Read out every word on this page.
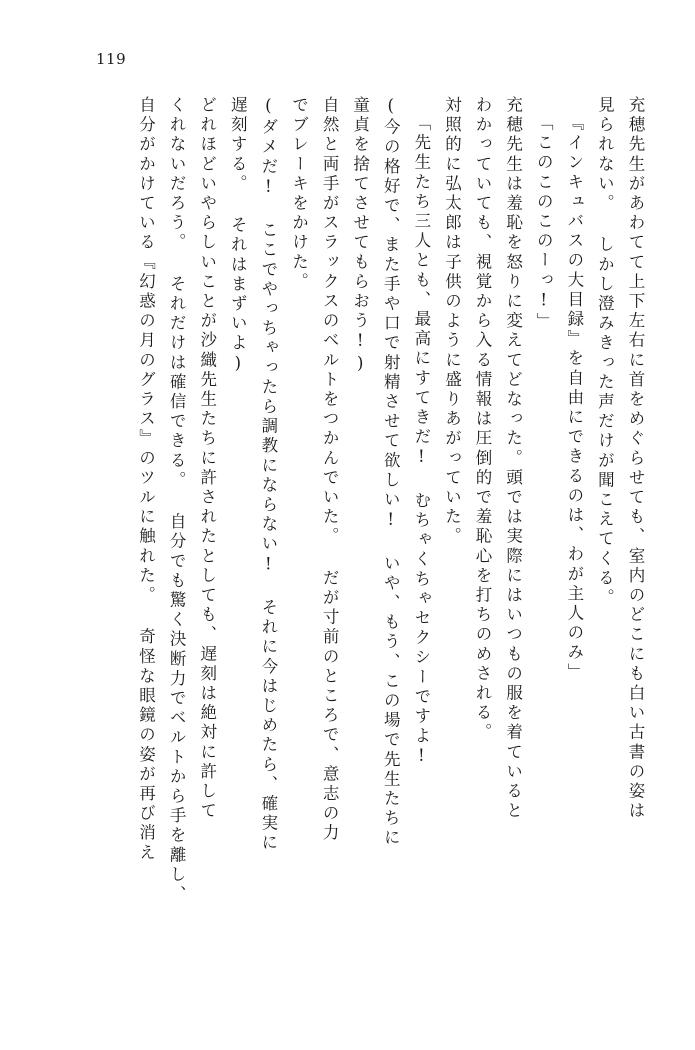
119
充穂先生があわてて上下左右に首をめぐらせても、室内のどこにも白い古書の姿は
見られない。 しかし澄みきった声だけが聞こえてくる。
『インキュバスの大目録』を自由にできるのは、わが主人のみ」
「このこのこのーっ!」
充穂先生は羞恥を怒りに変えてどなった。頭では実際にはいつもの服を着ていると
わかっていても、視覚から入る情報は圧倒的で羞恥心を打ちのめされる。
対照的に弘太郎は子供のように盛りあがっていた。
「先生たち三人とも、最高にすてきだ! むちゃくちゃセクシーですよ!
(今の格好で、また手や口で射精させて欲しい! いや、もう、この場で先生たちに
童貞を捨てさせてもらおう!)
自然と両手がスラックスのベルトをつかんでいた。 だが寸前のところで、意志の力
でブレーキをかけた。
(ダメだ! ここでやっちゃったら調教にならない! それに今はじめたら、確実に
遅刻する。 それはまずいよ)
どれほどいやらしいことが沙織先生たちに許されたとしても、遅刻は絶対に許して
くれないだろう。 それだけは確信できる。 自分でも驚く決断力でベルトから手を離し、
自分がかけている『幻惑の月のグラス』のツルに触れた。 奇怪な眼鏡の姿が再び消え
